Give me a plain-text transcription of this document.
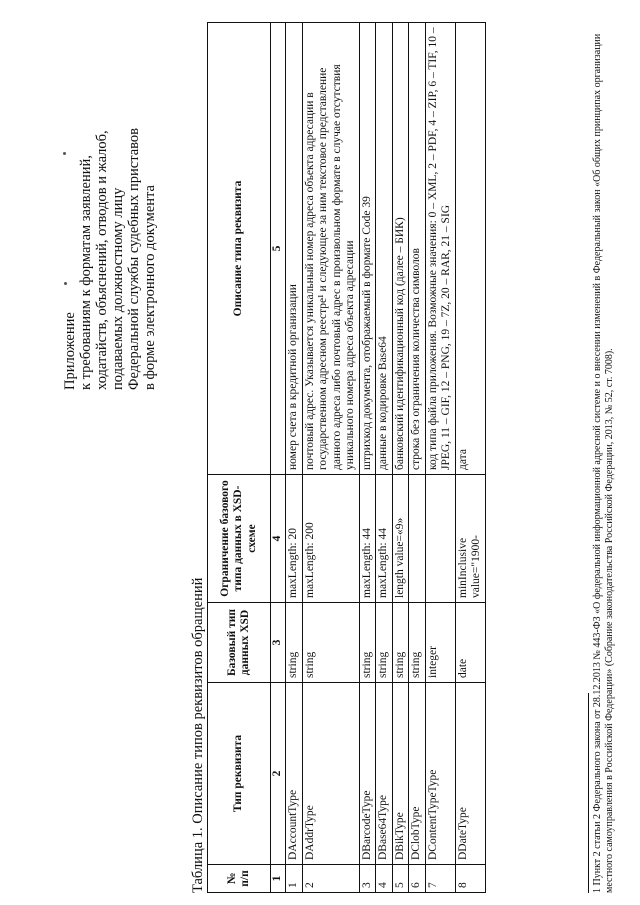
Приложение к требованиям к форматам заявлений, ходатайств, объяснений, отводов и жалоб, подаваемых должностному лицу Федеральной службы судебных приставов в форме электронного документа
Таблица 1. Описание типов реквизитов обращений № п/п	Тип реквизита	Базовый тип данных XSD	Ограничение базового типа данных в XSD-схеме	Описание типа реквизита
1	2	3	4	5
1	DAccountType	string	maxLength: 20	номер счета в кредитной организации
2	DAddrType	string	maxLength: 200	почтовый адрес. Указывается уникальный номер адреса объекта адресации в государственном адресном реестре¹ и следующее за ним текстовое представление данного адреса либо почтовый адрес в произвольном формате в случае отсутствия уникального номера адреса объекта адресации
3	DBarcodeType	string	maxLength: 44	штрихкод документа, отображаемый в формате Code 39
4	DBase64Type	string	maxLength: 44	данные в кодировке Base64
5	DBikType	string	length value=«9»	банковский идентификационный код (далее – БИК)
6	DClobType	string		строка без ограничения количества символов
7	DContentTypeType	integer		код типа файла приложения. Возможные значения: 0 – XML, 2 – PDF, 4 – ZIP, 6 – TIF, 10 – JPEG, 11 – GIF, 12 – PNG, 19 – 7Z, 20 – RAR, 21 – SIG
8	DDateType	date	minInclusive value="1900-	дата	1 Пункт 2 статьи 2 Федерального закона от 28.12.2013 № 443-ФЗ «О федеральной информационной адресной системе и о внесении изменений в Федеральный закон «Об общих принципах организации местного самоуправления в Российской Федерации» (Собрание законодательства Российской Федерации, 2013, № 52, ст. 7008).
